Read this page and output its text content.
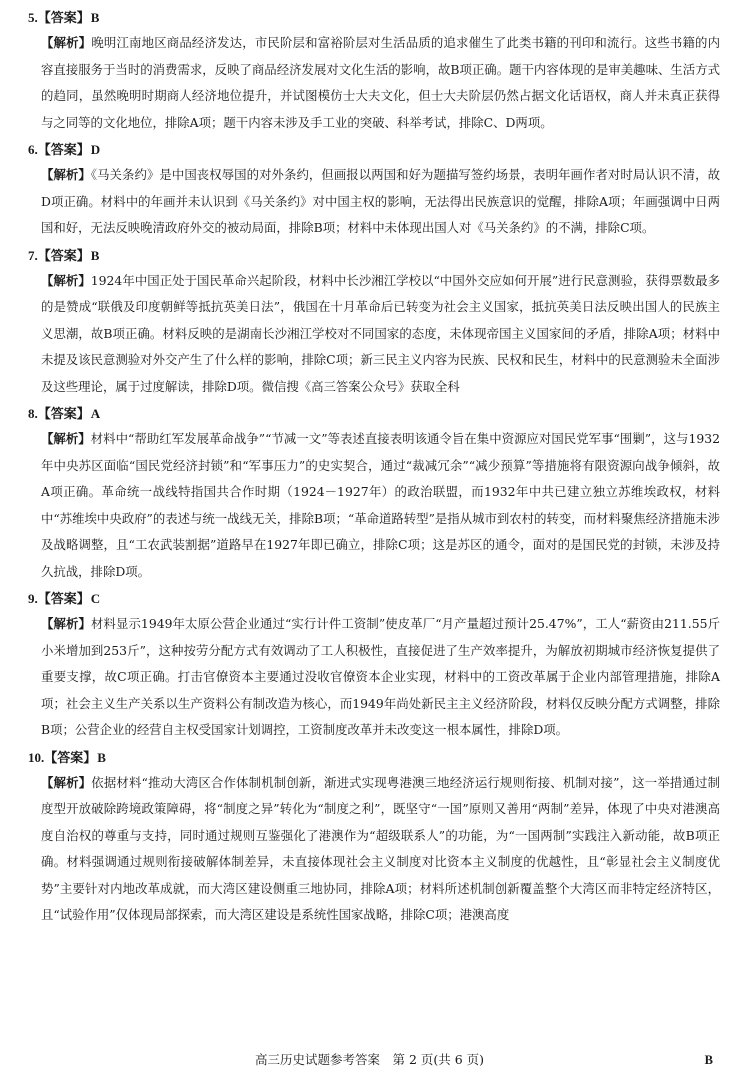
5.【答案】B

【解析】晚明江南地区商品经济发达，市民阶层和富裕阶层对生活品质的追求催生了此类书籍的刊印和流行。这些书籍的内容直接服务于当时的消费需求，反映了商品经济发展对文化生活的影响，故B项正确。题干内容体现的是审美趣味、生活方式的趋同，虽然晚明时期商人经济地位提升，并试图模仿士大夫文化，但士大夫阶层仍然占据文化话语权，商人并未真正获得与之同等的文化地位，排除A项；题干内容未涉及手工业的突破、科举考试，排除C、D两项。

6.【答案】D

【解析】《马关条约》是中国丧权辱国的对外条约，但画报以两国和好为题描写签约场景，表明年画作者对时局认识不清，故D项正确。材料中的年画并未认识到《马关条约》对中国主权的影响，无法得出民族意识的觉醒，排除A项；年画强调中日两国和好，无法反映晚清政府外交的被动局面，排除B项；材料中未体现出国人对《马关条约》的不满，排除C项。

7.【答案】B

【解析】1924年中国正处于国民革命兴起阶段，材料中长沙湘江学校以“中国外交应如何开展”进行民意测验，获得票数最多的是赞成“联俄及印度朝鲜等抵抗英美日法”，俄国在十月革命后已转变为社会主义国家，抵抗英美日法反映出国人的民族主义思潮，故B项正确。材料反映的是湖南长沙湘江学校对不同国家的态度，未体现帝国主义国家间的矛盾，排除A项；材料中未提及该民意测验对外交产生了什么样的影响，排除C项；新三民主义内容为民族、民权和民生，材料中的民意测验未全面涉及这些理论，属于过度解读，排除D项。微信搜《高三答案公众号》获取全科

8.【答案】A

【解析】材料中“帮助红军发展革命战争”“节减一文”等表述直接表明该通令旨在集中资源应对国民党军事“围剿”，这与1932年中央苏区面临“国民党经济封锁”和“军事压力”的史实契合，通过“裁减冗余”“减少预算”等措施将有限资源向战争倾斜，故A项正确。革命统一战线特指国共合作时期（1924－1927年）的政治联盟，而1932年中共已建立独立苏维埃政权，材料中“苏维埃中央政府”的表述与统一战线无关，排除B项；“革命道路转型”是指从城市到农村的转变，而材料聚焦经济措施未涉及战略调整，且“工农武装割据”道路早在1927年即已确立，排除C项；这是苏区的通令，面对的是国民党的封锁，未涉及持久抗战，排除D项。

9.【答案】C

【解析】材料显示1949年太原公营企业通过“实行计件工资制”使皮革厂“月产量超过预计25.47%”，工人“薪资由211.55斤小米增加到253斤”，这种按劳分配方式有效调动了工人积极性，直接促进了生产效率提升，为解放初期城市经济恢复提供了重要支撑，故C项正确。打击官僚资本主要通过没收官僚资本企业实现，材料中的工资改革属于企业内部管理措施，排除A项；社会主义生产关系以生产资料公有制改造为核心，而1949年尚处新民主主义经济阶段，材料仅反映分配方式调整，排除B项；公营企业的经营自主权受国家计划调控，工资制度改革并未改变这一根本属性，排除D项。

10.【答案】B

【解析】依据材料“推动大湾区合作体制机制创新，渐进式实现粤港澳三地经济运行规则衔接、机制对接”，这一举措通过制度型开放破除跨境政策障碍，将“制度之异”转化为“制度之利”，既坚守“一国”原则又善用“两制”差异，体现了中央对港澳高度自治权的尊重与支持，同时通过规则互鉴强化了港澳作为“超级联系人”的功能，为“一国两制”实践注入新动能，故B项正确。材料强调通过规则衔接破解体制差异，未直接体现社会主义制度对比资本主义制度的优越性，且“彰显社会主义制度优势”主要针对内地改革成就，而大湾区建设侧重三地协同，排除A项；材料所述机制创新覆盖整个大湾区而非特定经济特区，且“试验作用”仅体现局部探索，而大湾区建设是系统性国家战略，排除C项；港澳高度

高三历史试题参考答案　第 2 页(共 6 页)	B
